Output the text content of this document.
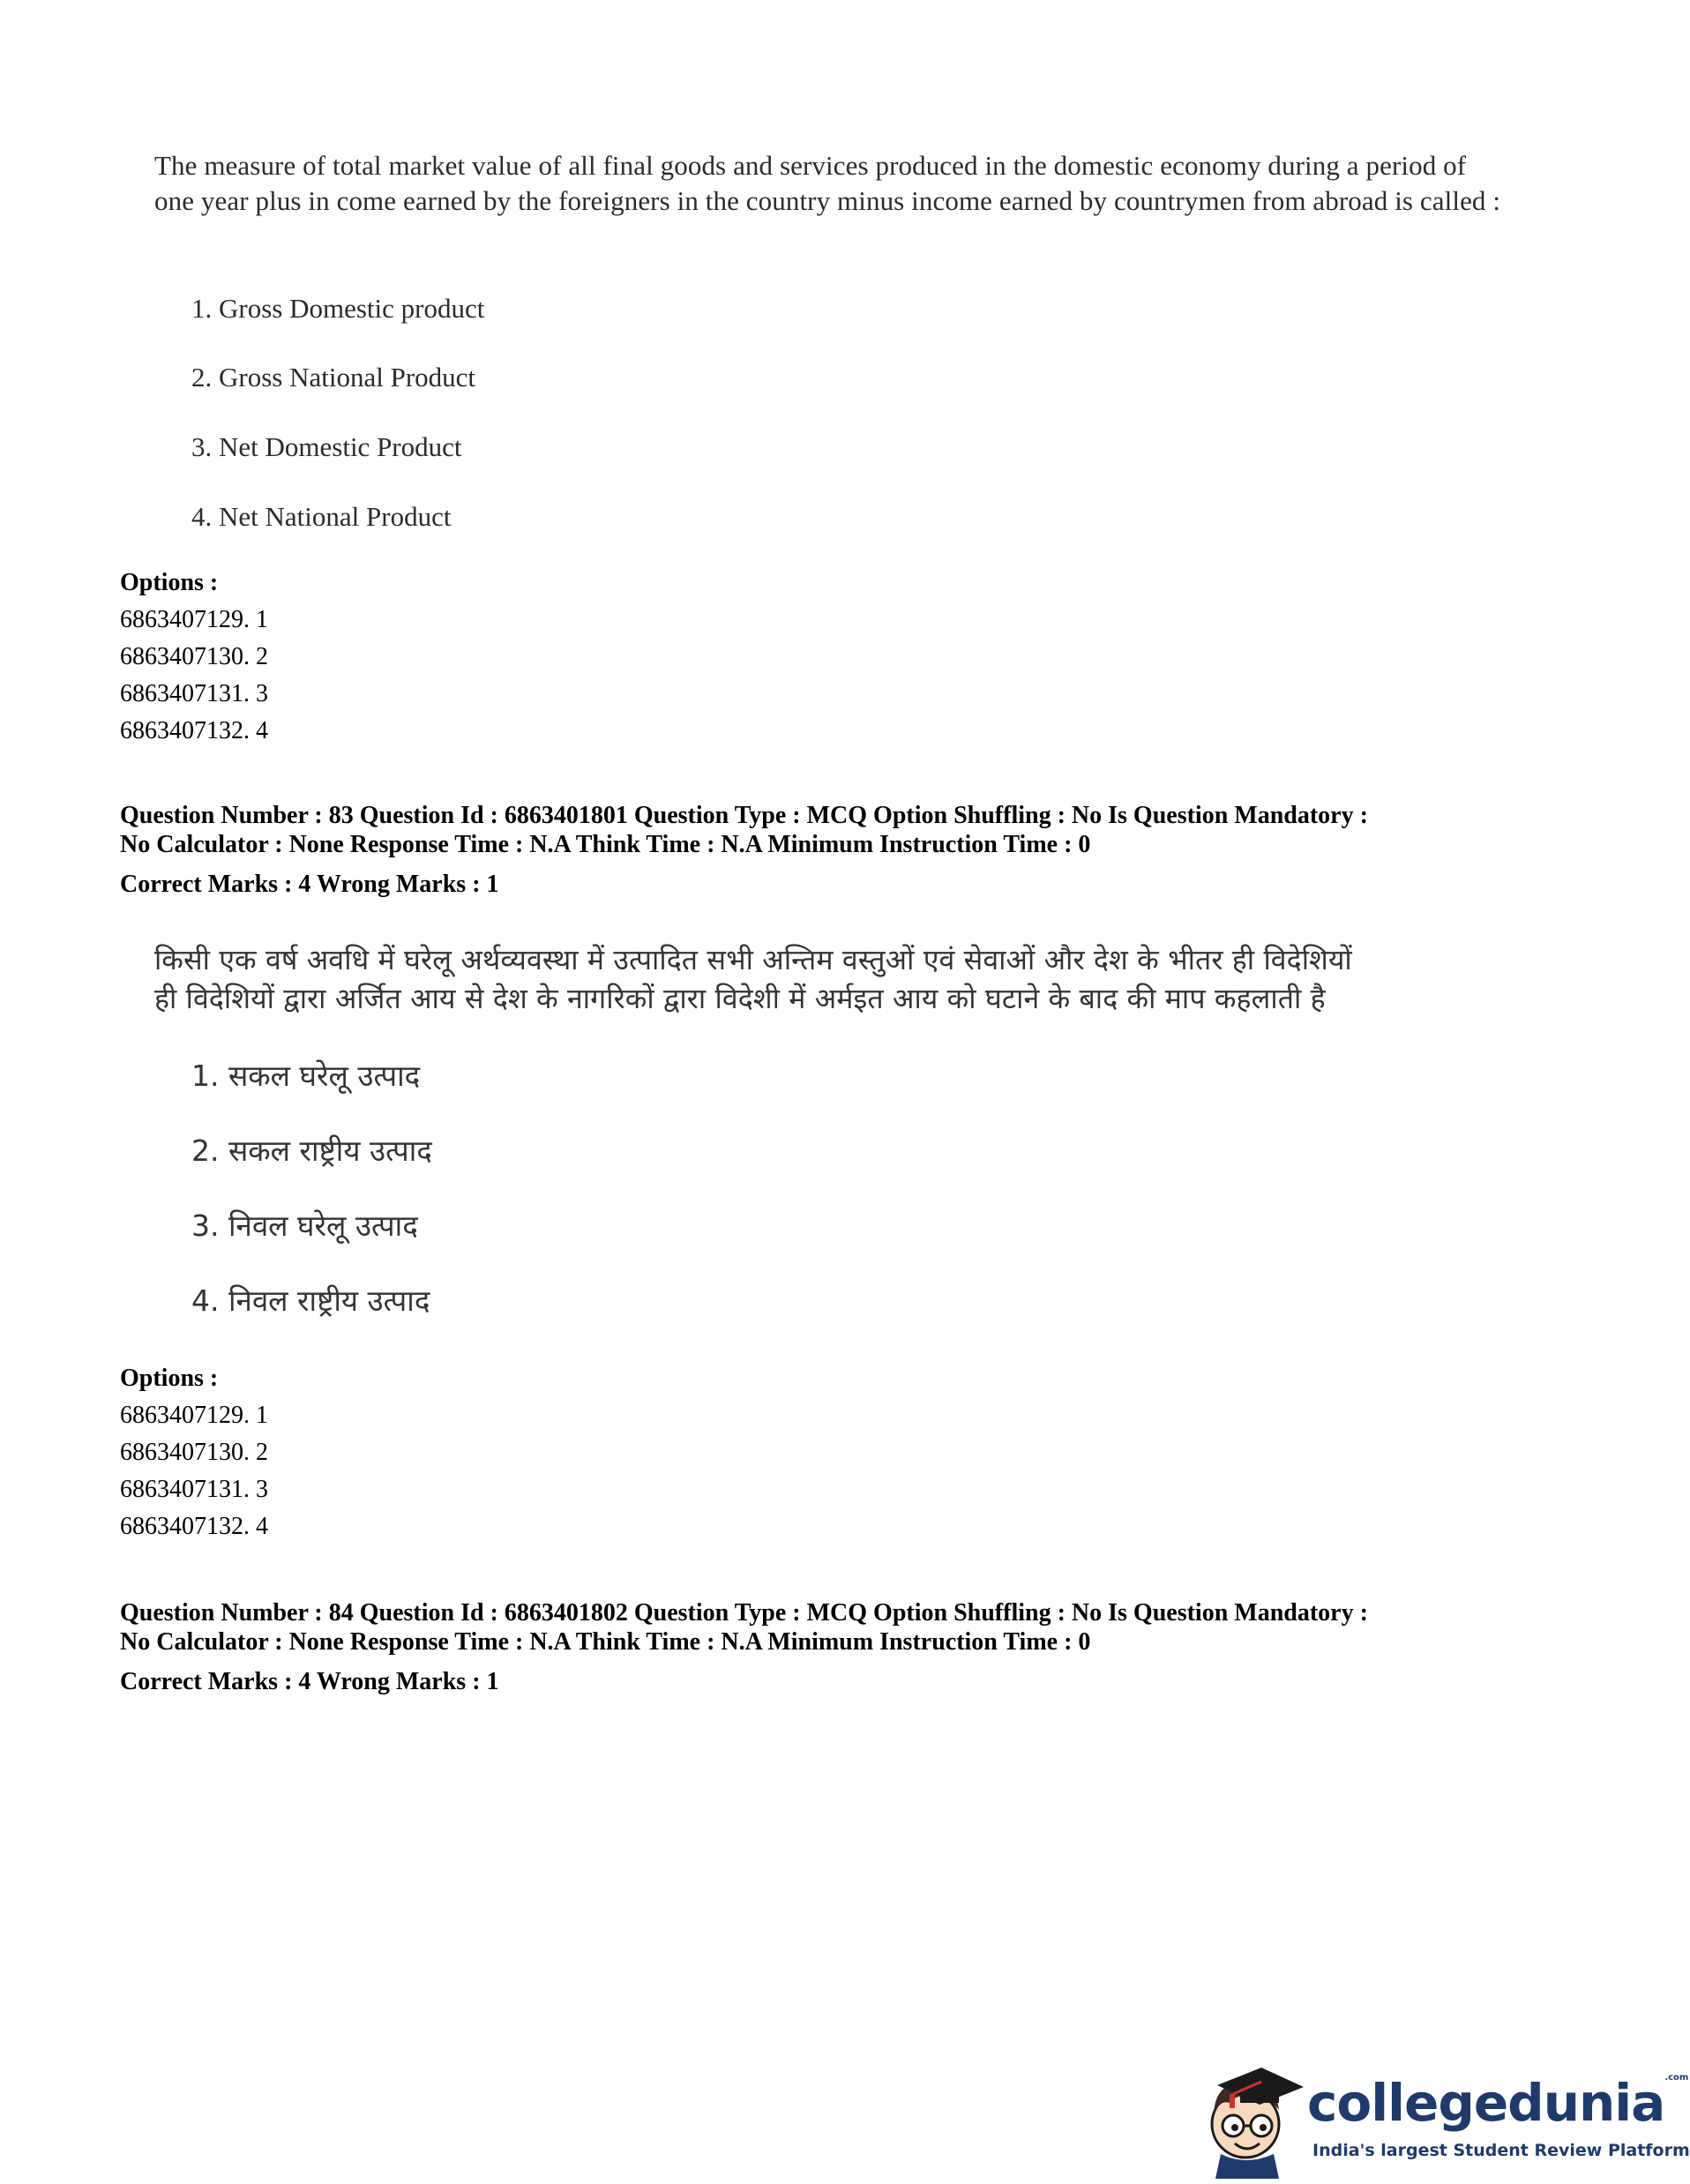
The measure of total market value of all final goods and services produced in the domestic economy during a period of one year plus in come earned by the foreigners in the country minus income earned by countrymen from abroad is called :

1. Gross Domestic product
2. Gross National Product
3. Net Domestic Product
4. Net National Product
Options :
6863407129. 1
6863407130. 2
6863407131. 3
6863407132. 4
Question Number : 83 Question Id : 6863401801 Question Type : MCQ Option Shuffling : No Is Question Mandatory :
No Calculator : None Response Time : N.A Think Time : N.A Minimum Instruction Time : 0
Correct Marks : 4 Wrong Marks : 1

किसी एक वर्ष अवधि में घरेलू अर्थव्यवस्था में उत्पादित सभी अन्तिम वस्तुओं एवं सेवाओं और देश के भीतर ही विदेशियों

ही विदेशियों द्वारा अर्जित आय से देश के नागरिकों द्वारा विदेशी में अर्मइत आय को घटाने के बाद की माप कहलाती है

1. सकल घरेलू उत्पाद
2. सकल राष्ट्रीय उत्पाद
3. निवल घरेलू उत्पाद
4. निवल राष्ट्रीय उत्पाद
Options :
6863407129. 1
6863407130. 2
6863407131. 3
6863407132. 4
Question Number : 84 Question Id : 6863401802 Question Type : MCQ Option Shuffling : No Is Question Mandatory :
No Calculator : None Response Time : N.A Think Time : N.A Minimum Instruction Time : 0
Correct Marks : 4 Wrong Marks : 1
collegedunia$^{.com}$
India's largest Student Review Platform
